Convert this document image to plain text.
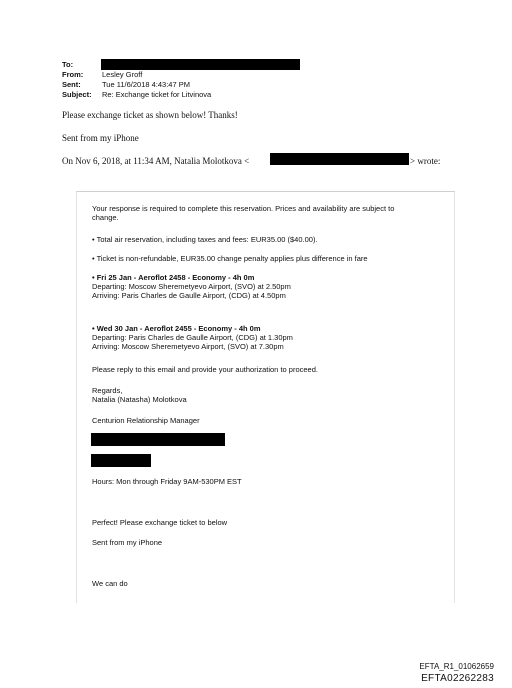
To:
From:	Lesley Groff
Sent:	Tue 11/6/2018 4:43:47 PM
Subject: Re: Exchange ticket for Litvinova
Please exchange ticket as shown below! Thanks!
Sent from my iPhone
On Nov 6, 2018, at 11:34 AM, Natalia Molotkova <	> wrote:
Your response is required to complete this reservation. Prices and availability are subject to
change.
• Total air reservation, including taxes and fees: EUR35.00 ($40.00).
• Ticket is non-refundable, EUR35.00 change penalty applies plus difference in fare
• Fri 25 Jan - Aeroflot 2458 - Economy - 4h 0m
Departing: Moscow Sheremetyevo Airport, (SVO) at 2.50pm
Arriving: Paris Charles de Gaulle Airport, (CDG) at 4.50pm
• Wed 30 Jan - Aeroflot 2455 - Economy - 4h 0m
Departing: Paris Charles de Gaulle Airport, (CDG) at 1.30pm
Arriving: Moscow Sheremetyevo Airport, (SVO) at 7.30pm
Please reply to this email and provide your authorization to proceed.
Regards,
Natalia (Natasha) Molotkova
Centurion Relationship Manager
Hours: Mon through Friday 9AM-530PM EST
Perfect! Please exchange ticket to below
Sent from my iPhone
We can do
EFTA_R1_01062659
EFTA02262283
